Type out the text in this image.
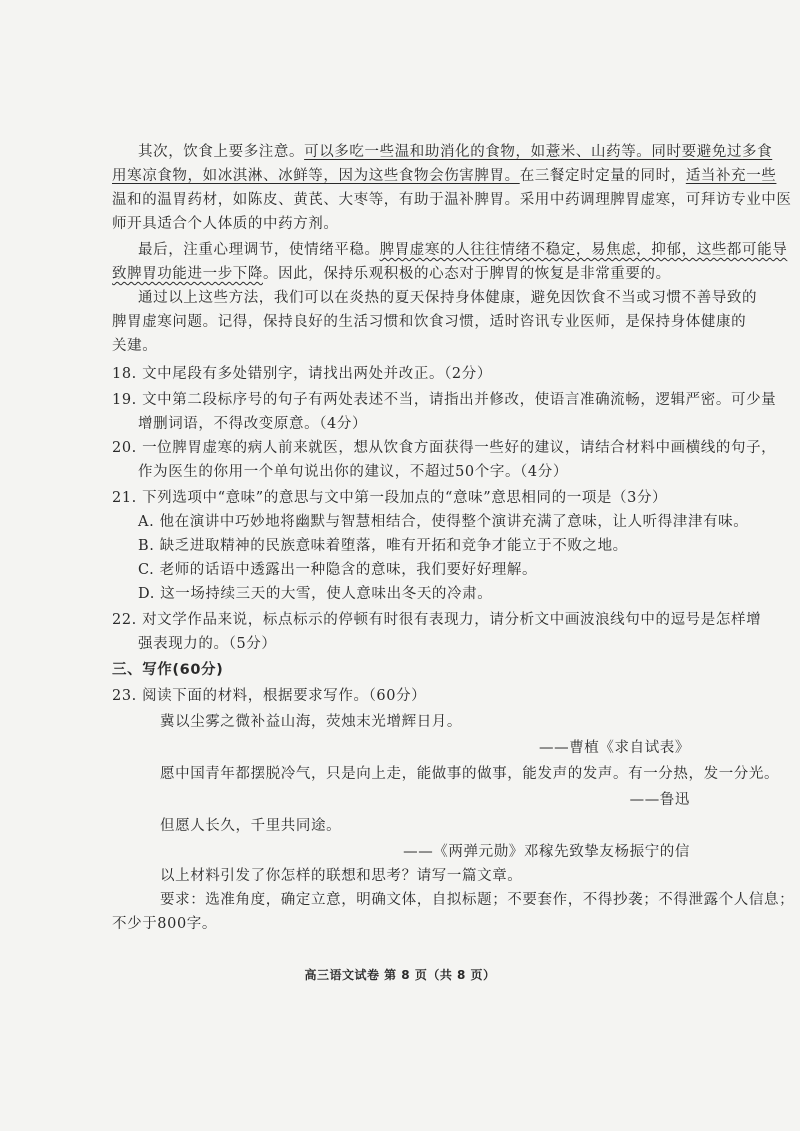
其次，饮食上要多注意。可以多吃一些温和助消化的食物，如薏米、山药等。同时要避免过多食
用寒凉食物，如冰淇淋、冰鲜等，因为这些食物会伤害脾胃。在三餐定时定量的同时，适当补充一些
温和的温胃药材，如陈皮、黄芪、大枣等，有助于温补脾胃。采用中药调理脾胃虚寒，可拜访专业中医
师开具适合个人体质的中药方剂。
最后，注重心理调节，使情绪平稳。脾胃虚寒的人往往情绪不稳定，易焦虑，抑郁，这些都可能导
致脾胃功能进一步下降。因此，保持乐观积极的心态对于脾胃的恢复是非常重要的。
通过以上这些方法，我们可以在炎热的夏天保持身体健康，避免因饮食不当或习惯不善导致的
脾胃虚寒问题。记得，保持良好的生活习惯和饮食习惯，适时咨讯专业医师，是保持身体健康的
关建。
18. 文中尾段有多处错别字，请找出两处并改正。（2分）
19. 文中第二段标序号的句子有两处表述不当，请指出并修改，使语言准确流畅，逻辑严密。可少量
增删词语，不得改变原意。（4分）
20. 一位脾胃虚寒的病人前来就医，想从饮食方面获得一些好的建议，请结合材料中画横线的句子，
作为医生的你用一个单句说出你的建议，不超过50个字。（4分）
21. 下列选项中“意味”的意思与文中第一段加点的“意味”意思相同的一项是（3分）
A. 他在演讲中巧妙地将幽默与智慧相结合，使得整个演讲充满了意味，让人听得津津有味。
B. 缺乏进取精神的民族意味着堕落，唯有开拓和竞争才能立于不败之地。
C. 老师的话语中透露出一种隐含的意味，我们要好好理解。
D. 这一场持续三天的大雪，使人意味出冬天的冷肃。
22. 对文学作品来说，标点标示的停顿有时很有表现力，请分析文中画波浪线句中的逗号是怎样增
强表现力的。（5分）
三、写作(60分)
23. 阅读下面的材料，根据要求写作。（60分）
冀以尘雾之微补益山海，荧烛末光增辉日月。
——曹植《求自试表》
愿中国青年都摆脱冷气，只是向上走，能做事的做事，能发声的发声。有一分热，发一分光。
——鲁迅
但愿人长久，千里共同途。
——《两弹元勋》邓稼先致挚友杨振宁的信
以上材料引发了你怎样的联想和思考？请写一篇文章。
要求：选准角度，确定立意，明确文体，自拟标题；不要套作，不得抄袭；不得泄露个人信息；
不少于800字。
高三语文试卷 第 8 页（共 8 页）
